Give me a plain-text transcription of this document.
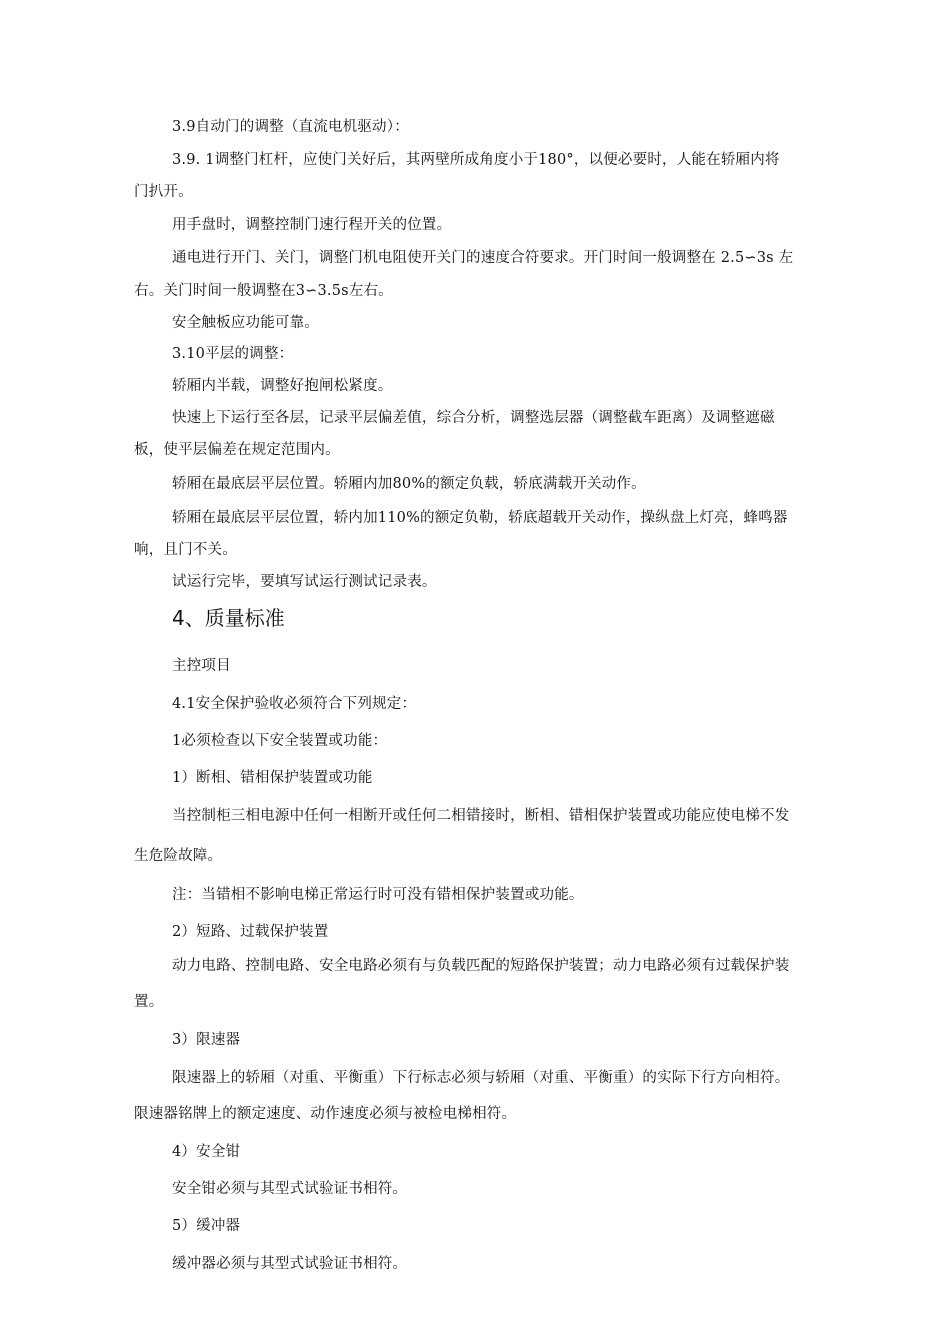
3.9自动门的调整（直流电机驱动）：
3.9. 1调整门杠杆，应使门关好后，其两壁所成角度小于180°，以便必要时，人能在轿厢内将
门扒开。
用手盘时，调整控制门速行程开关的位置。
通电进行开门、关门，调整门机电阻使开关门的速度合符要求。开门时间一般调整在 2.5∽3s 左
右。关门时间一般调整在3∽3.5s左右。
安全触板应功能可靠。
3.10平层的调整：
轿厢内半载，调整好抱闸松紧度。
快速上下运行至各层，记录平层偏差值，综合分析，调整选层器（调整截车距离）及调整遮磁
板，使平层偏差在规定范围内。
轿厢在最底层平层位置。轿厢内加80%的额定负载，轿底满载开关动作。
轿厢在最底层平层位置，轿内加110%的额定负勒，轿底超载开关动作，操纵盘上灯亮，蜂鸣器
响，且门不关。
试运行完毕，要填写试运行测试记录表。
4、质量标准
主控项目
4.1安全保护验收必须符合下列规定：
1必须检查以下安全装置或功能：
1）断相、错相保护装置或功能
当控制柜三相电源中任何一相断开或任何二相错接时，断相、错相保护装置或功能应使电梯不发
生危险故障。
注：当错相不影响电梯正常运行时可没有错相保护装置或功能。
2）短路、过载保护装置
动力电路、控制电路、安全电路必须有与负载匹配的短路保护装置；动力电路必须有过载保护装
置。
3）限速器
限速器上的轿厢（对重、平衡重）下行标志必须与轿厢（对重、平衡重）的实际下行方向相符。
限速器铭牌上的额定速度、动作速度必须与被检电梯相符。
4）安全钳
安全钳必须与其型式试验证书相符。
5）缓冲器
缓冲器必须与其型式试验证书相符。
